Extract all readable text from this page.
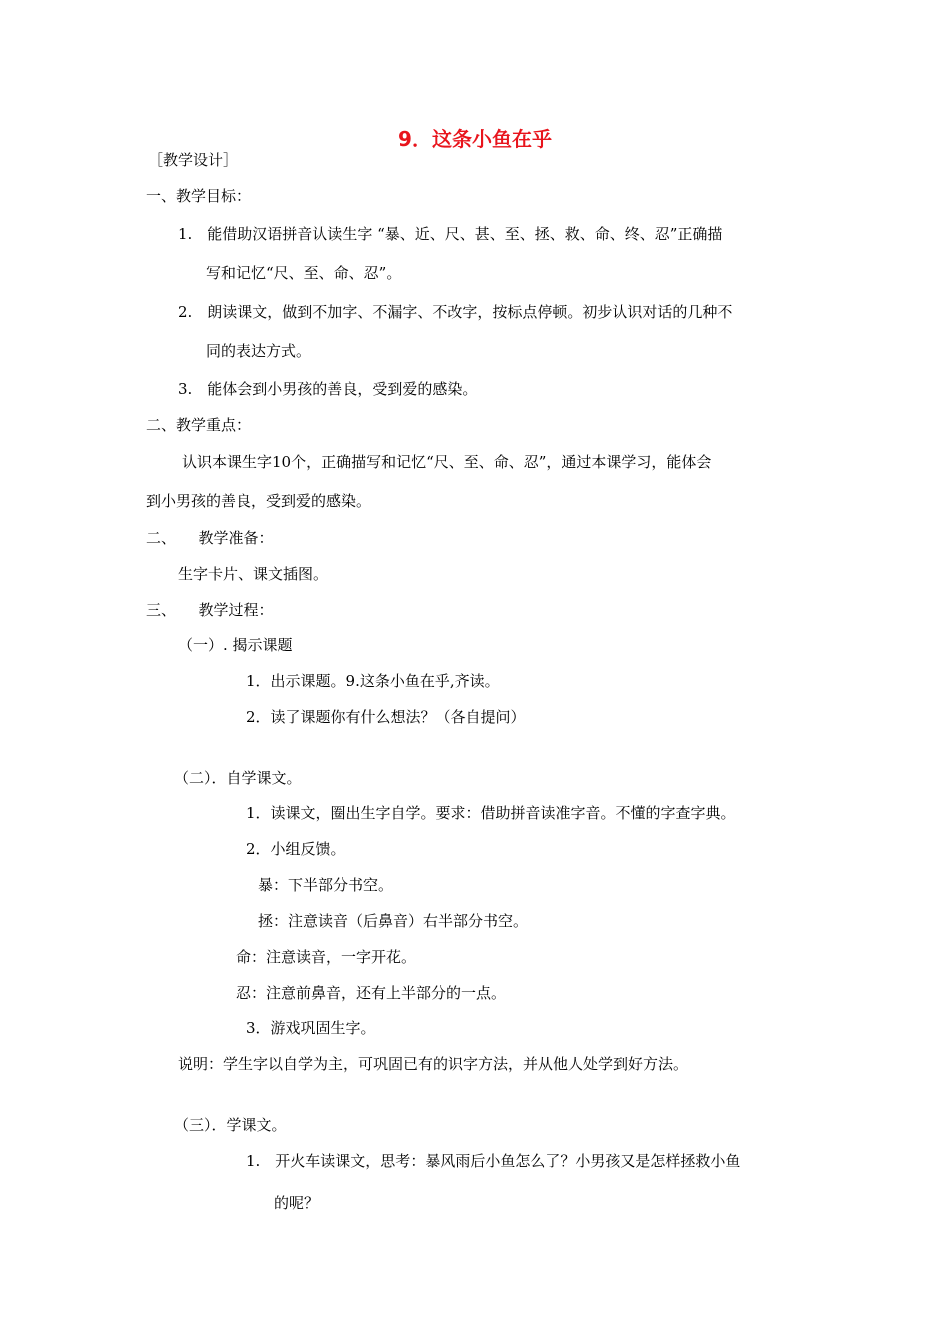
9．这条小鱼在乎
［教学设计］
一、教学目标：
1.　能借助汉语拼音认读生字 “暴、近、尺、甚、至、拯、救、命、终、忍”正确描
写和记忆“尺、至、命、忍”。
2.　朗读课文，做到不加字、不漏字、不改字，按标点停顿。初步认识对话的几种不
同的表达方式。
3.　能体会到小男孩的善良，受到爱的感染。
二、教学重点：
认识本课生字10个，正确描写和记忆“尺、至、命、忍”，通过本课学习，能体会
到小男孩的善良，受到爱的感染。
二、　　教学准备：
生字卡片、课文插图。
三、　　教学过程：
（一）. 揭示课题
1．出示课题。9.这条小鱼在乎,齐读。
2．读了课题你有什么想法？（各自提问）
（二）．自学课文。
1．读课文，圈出生字自学。要求：借助拼音读准字音。不懂的字查字典。
2．小组反馈。
暴：下半部分书空。
拯：注意读音（后鼻音）右半部分书空。
命：注意读音，一字开花。
忍：注意前鼻音，还有上半部分的一点。
3．游戏巩固生字。
说明：学生字以自学为主，可巩固已有的识字方法，并从他人处学到好方法。
（三）．学课文。
1.　开火车读课文，思考：暴风雨后小鱼怎么了？小男孩又是怎样拯救小鱼
的呢？
